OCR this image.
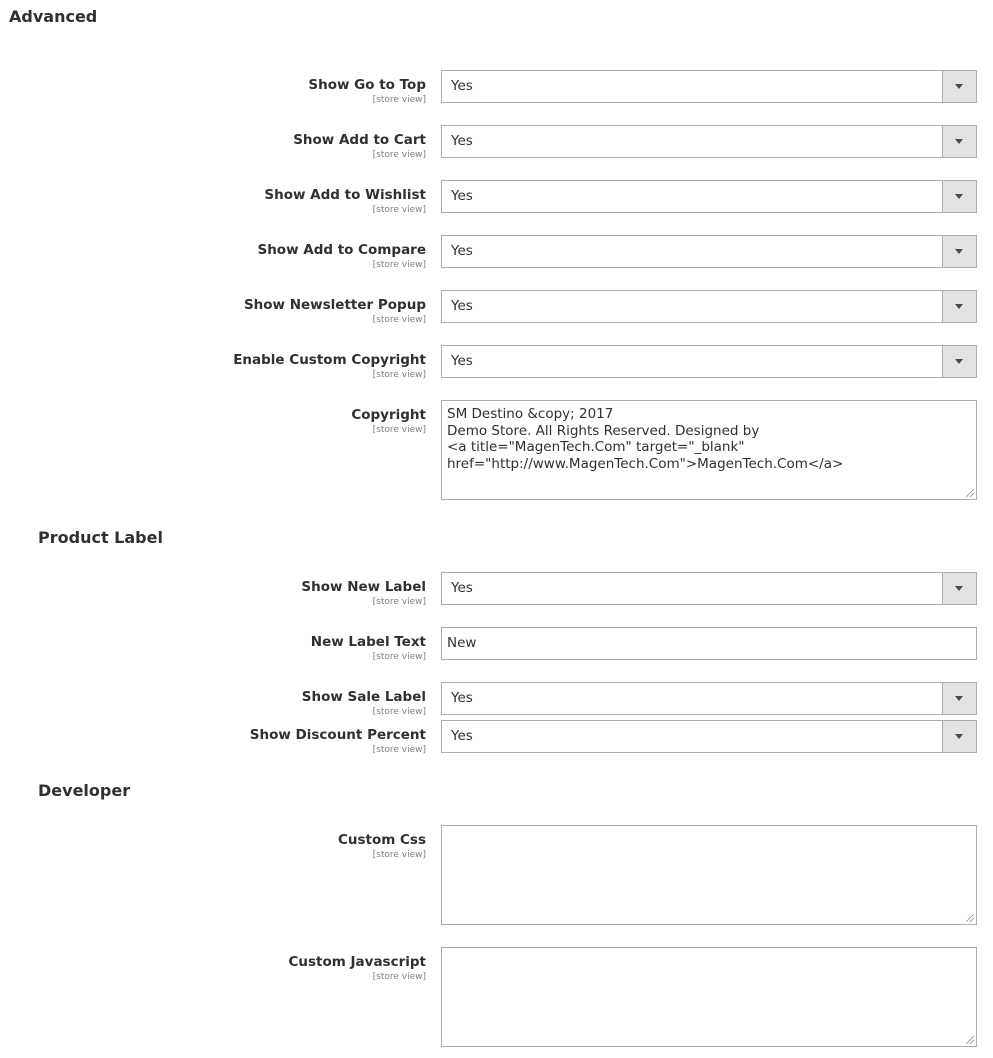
Advanced
Show Go to Top
[store view]
Yes
Show Add to Cart
[store view]
Yes
Show Add to Wishlist
[store view]
Yes
Show Add to Compare
[store view]
Yes
Show Newsletter Popup
[store view]
Yes
Enable Custom Copyright
[store view]
Yes
Copyright
[store view]
SM Destino &copy; 2017
Demo Store. All Rights Reserved. Designed by
<a title="MagenTech.Com" target="_blank"
href="http://www.MagenTech.Com">MagenTech.Com</a>
Product Label
Show New Label
[store view]
Yes
New Label Text
[store view]
New
Show Sale Label
[store view]
Yes
Show Discount Percent
[store view]
Yes
Developer
Custom Css
[store view]
Custom Javascript
[store view]
